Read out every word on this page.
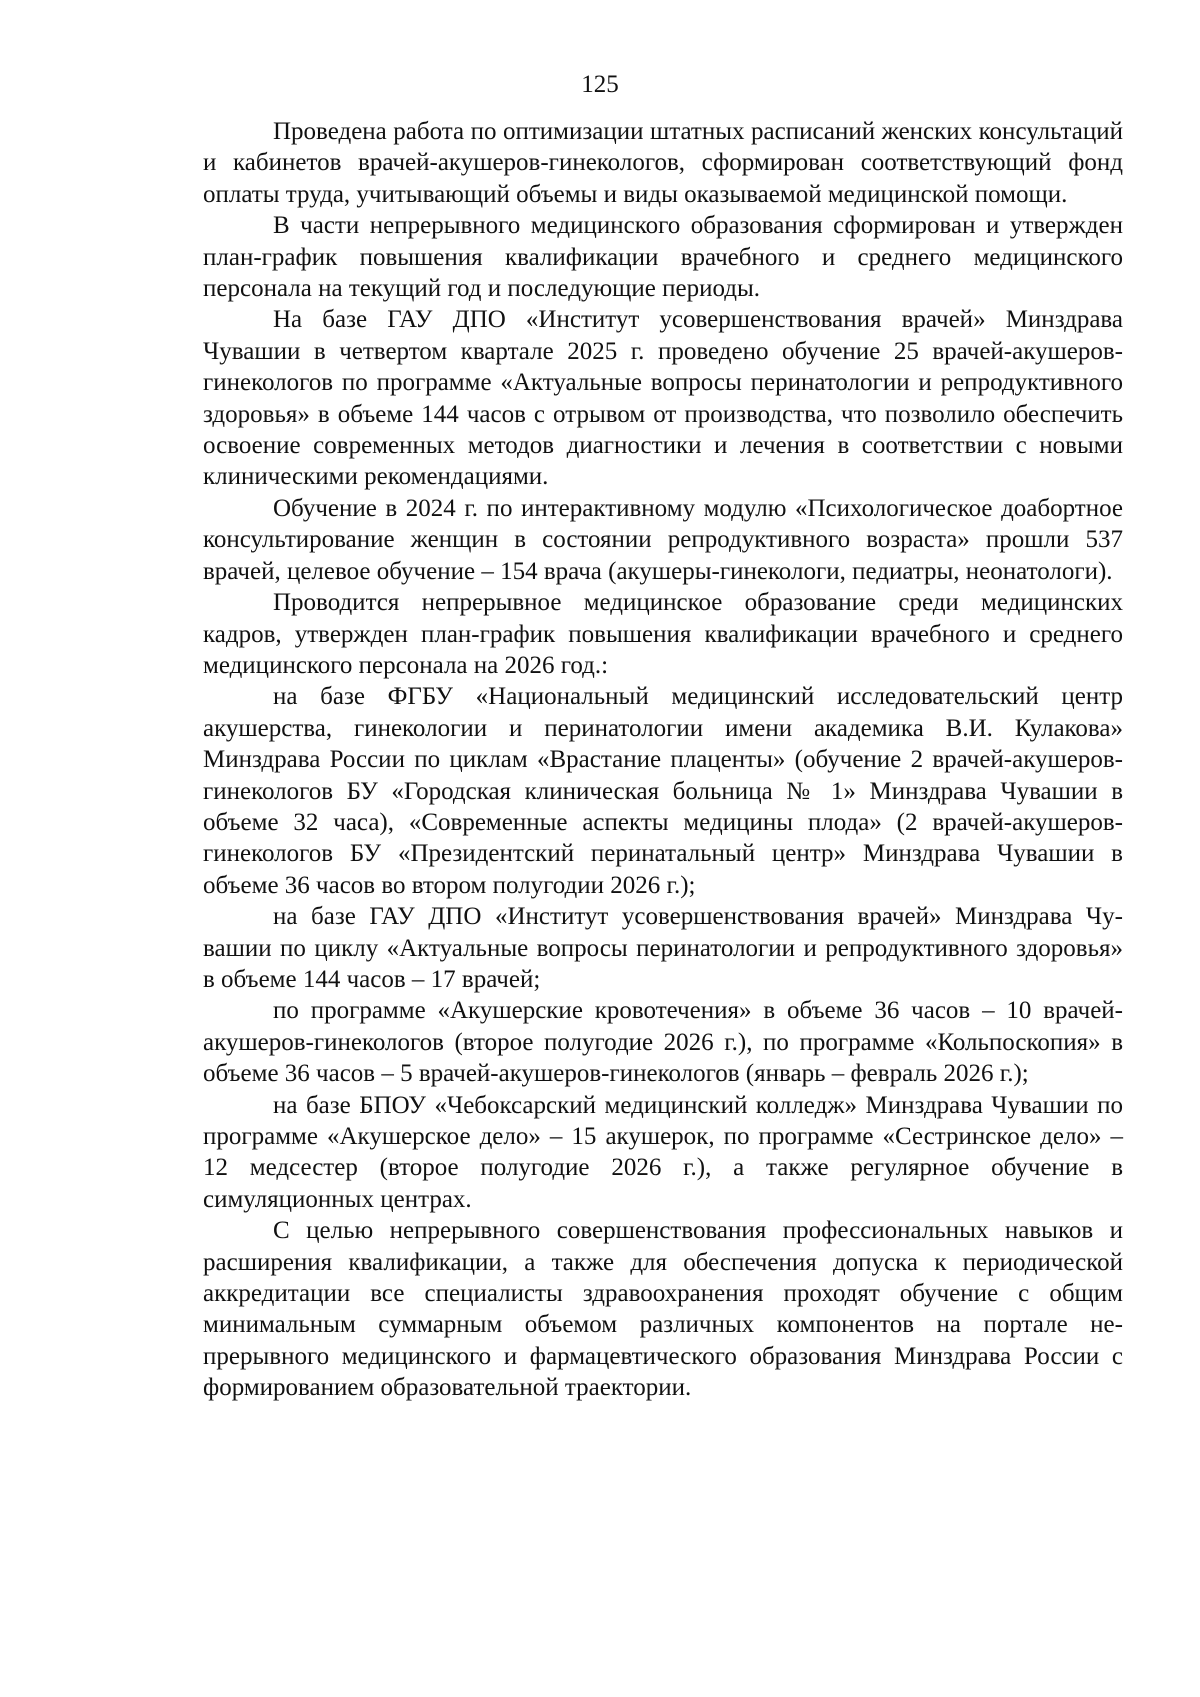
125

Проведена работа по оптимизации штатных расписаний женских консультаций и кабинетов врачей-акушеров-гинекологов, сформирован соответствующий фонд оплаты труда, учитывающий объемы и виды оказываемой медицинской помощи.

В части непрерывного медицинского образования сформирован и утвержден план-график повышения квалификации врачебного и среднего медицинского персонала на текущий год и последующие периоды.

На базе ГАУ ДПО «Институт усовершенствования врачей» Минздрава Чувашии в четвертом квартале 2025 г. проведено обучение 25 врачей-акушеров-гинекологов по программе «Актуальные вопросы перинатологии и репродуктивного здоровья» в объеме 144 часов с отрывом от производства, что позволило обеспечить освоение современных методов диагностики и лечения в соответствии с новыми клиническими рекомендациями.

Обучение в 2024 г. по интерактивному модулю «Психологическое доабортное консультирование женщин в состоянии репродуктивного возраста» прошли 537 врачей, целевое обучение – 154 врача (акушеры-гинекологи, педиатры, неонатологи).

Проводится непрерывное медицинское образование среди медицинских кадров, утвержден план-график повышения квалификации врачебного и среднего медицинского персонала на 2026 год.:

на базе ФГБУ «Национальный медицинский исследовательский центр акушерства, гинекологии и перинатологии имени академика В.И. Кулакова» Минздрава России по циклам «Врастание плаценты» (обучение 2 врачей-акушеров-гинекологов БУ «Городская клиническая больница № 1» Минздрава Чувашии в объеме 32 часа), «Современные аспекты медицины плода» (2 врачей-акушеров-гинекологов БУ «Президентский перинатальный центр» Минздрава Чувашии в объеме 36 часов во втором полугодии 2026 г.);

на базе ГАУ ДПО «Институт усовершенствования врачей» Минздрава Чувашии по циклу «Актуальные вопросы перинатологии и репродуктивного здоровья» в объеме 144 часов – 17 врачей;

по программе «Акушерские кровотечения» в объеме 36 часов – 10 врачей-акушеров-гинекологов (второе полугодие 2026 г.), по программе «Кольпоскопия» в объеме 36 часов – 5 врачей-акушеров-гинекологов (январь – февраль 2026 г.);

на базе БПОУ «Чебоксарский медицинский колледж» Минздрава Чувашии по программе «Акушерское дело» – 15 акушерок, по программе «Сестринское дело» – 12 медсестер (второе полугодие 2026 г.), а также регулярное обучение в симуляционных центрах.

С целью непрерывного совершенствования профессиональных навыков и расширения квалификации, а также для обеспечения допуска к периодической аккредитации все специалисты здравоохранения проходят обучение с общим минимальным суммарным объемом различных компонентов на портале непрерывного медицинского и фармацевтического образования Минздрава России с формированием образовательной траектории.
